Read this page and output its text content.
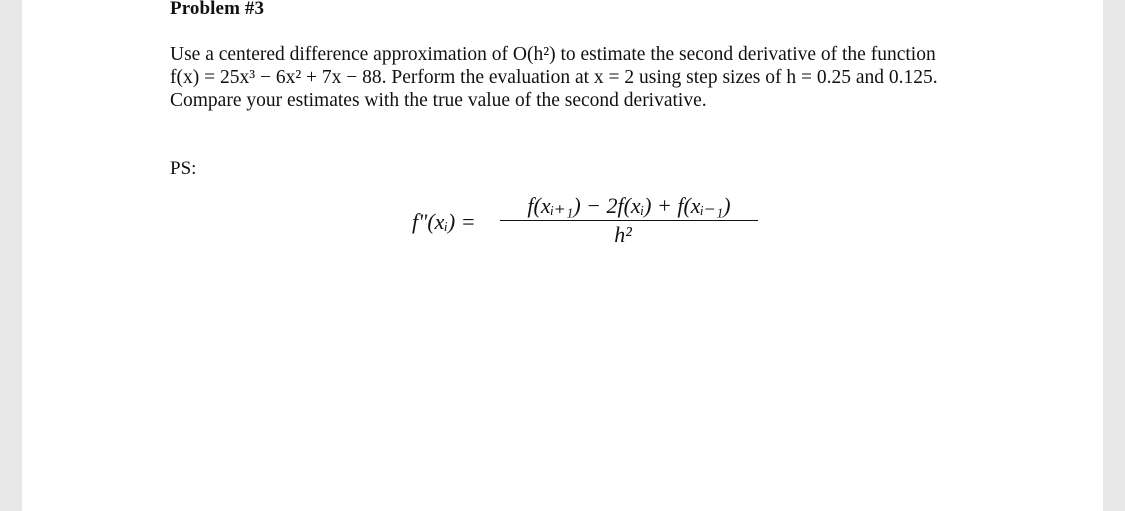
Problem #3
Use a centered difference approximation of O(h²) to estimate the second derivative of the function
f(x) = 25x³ − 6x² + 7x − 88. Perform the evaluation at x = 2 using step sizes of h = 0.25 and 0.125.
Compare your estimates with the true value of the second derivative.
PS:
f"(xᵢ) =
f(xᵢ₊₁) − 2f(xᵢ) + f(xᵢ₋₁)
h²
